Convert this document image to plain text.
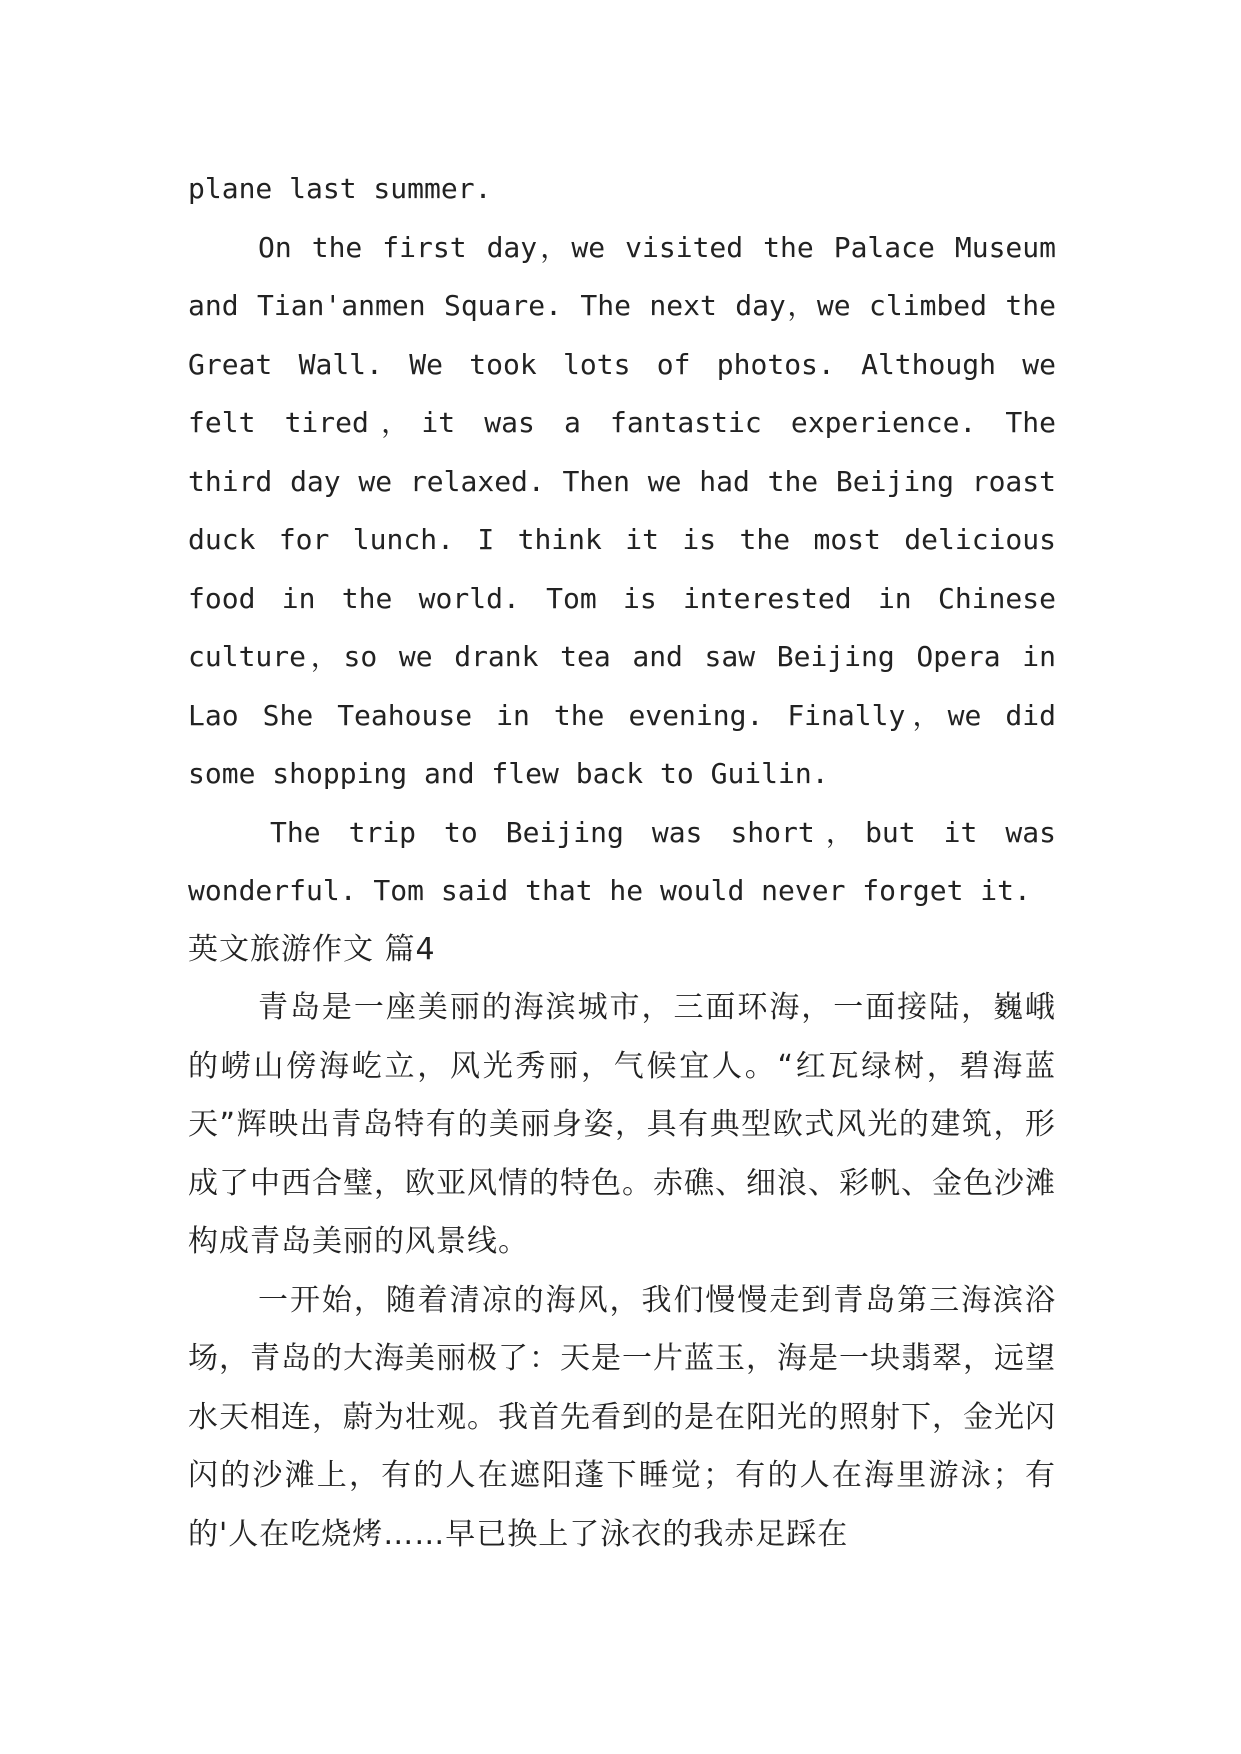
plane last summer.

On the first day，we visited the Palace Museum and Tian'anmen Square. The next day，we climbed the Great Wall. We took lots of photos. Although we felt tired，it was a fantastic experience. The third day we relaxed. Then we had the Beijing roast duck for lunch. I think it is the most delicious food in the world. Tom is interested in Chinese culture，so we drank tea and saw Beijing Opera in Lao She Teahouse in the evening. Finally，we did some shopping and flew back to Guilin.

The trip to Beijing was short，but it was wonderful. Tom said that he would never forget it.

英文旅游作文 篇4

青岛是一座美丽的海滨城市，三面环海，一面接陆，巍峨的崂山傍海屹立，风光秀丽，气候宜人。“红瓦绿树，碧海蓝天”辉映出青岛特有的美丽身姿，具有典型欧式风光的建筑，形成了中西合璧，欧亚风情的特色。赤礁、细浪、彩帆、金色沙滩构成青岛美丽的风景线。

一开始，随着清凉的海风，我们慢慢走到青岛第三海滨浴场，青岛的大海美丽极了：天是一片蓝玉，海是一块翡翠，远望水天相连，蔚为壮观。我首先看到的是在阳光的照射下，金光闪闪的沙滩上，有的人在遮阳蓬下睡觉；有的人在海里游泳；有的'人在吃烧烤……早已换上了泳衣的我赤足踩在
